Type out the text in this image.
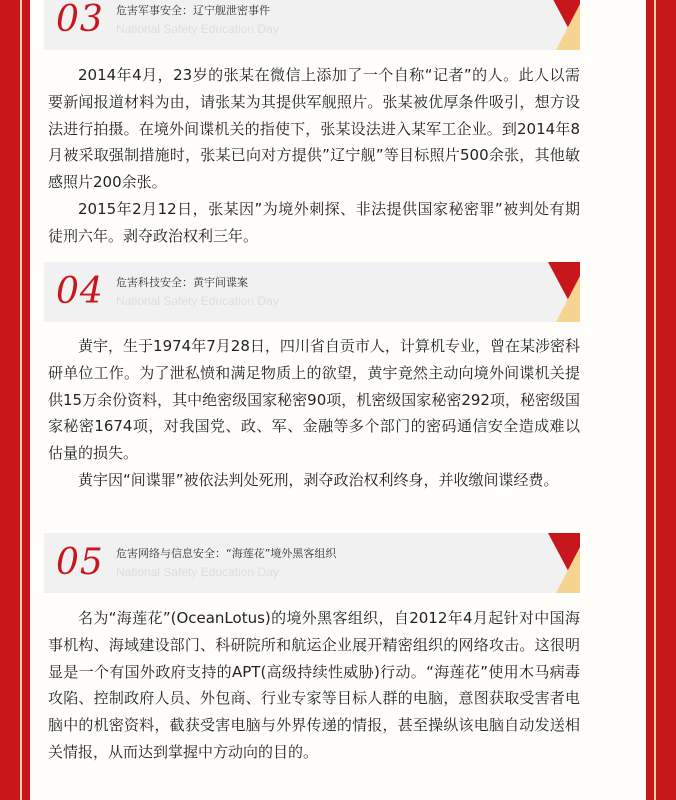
03 危害军事安全：辽宁舰泄密事件
National Safety Education Day

2014年4月，23岁的张某在微信上添加了一个自称“记者”的人。此人以需要新闻报道材料为由，请张某为其提供军舰照片。张某被优厚条件吸引，想方设法进行拍摄。在境外间谍机关的指使下，张某设法进入某军工企业。到2014年8月被采取强制措施时，张某已向对方提供”辽宁舰”等目标照片500余张，其他敏感照片200余张。

2015年2月12日，张某因”为境外刺探、非法提供国家秘密罪”被判处有期徒刑六年。剥夺政治权利三年。

04 危害科技安全：黄宇间谍案
National Safety Education Day

黄宇，生于1974年7月28日，四川省自贡市人，计算机专业，曾在某涉密科研单位工作。为了泄私愤和满足物质上的欲望，黄宇竟然主动向境外间谍机关提供15万余份资料，其中绝密级国家秘密90项，机密级国家秘密292项，秘密级国家秘密1674项，对我国党、政、军、金融等多个部门的密码通信安全造成难以估量的损失。

黄宇因“间谍罪”被依法判处死刑，剥夺政治权利终身，并收缴间谍经费。

05 危害网络与信息安全：“海莲花”境外黑客组织
National Safety Education Day

名为“海莲花”(OceanLotus)的境外黑客组织，自2012年4月起针对中国海事机构、海域建设部门、科研院所和航运企业展开精密组织的网络攻击。这很明显是一个有国外政府支持的APT(高级持续性威胁)行动。“海莲花”使用木马病毒攻陷、控制政府人员、外包商、行业专家等目标人群的电脑，意图获取受害者电脑中的机密资料，截获受害电脑与外界传递的情报，甚至操纵该电脑自动发送相关情报，从而达到掌握中方动向的目的。
